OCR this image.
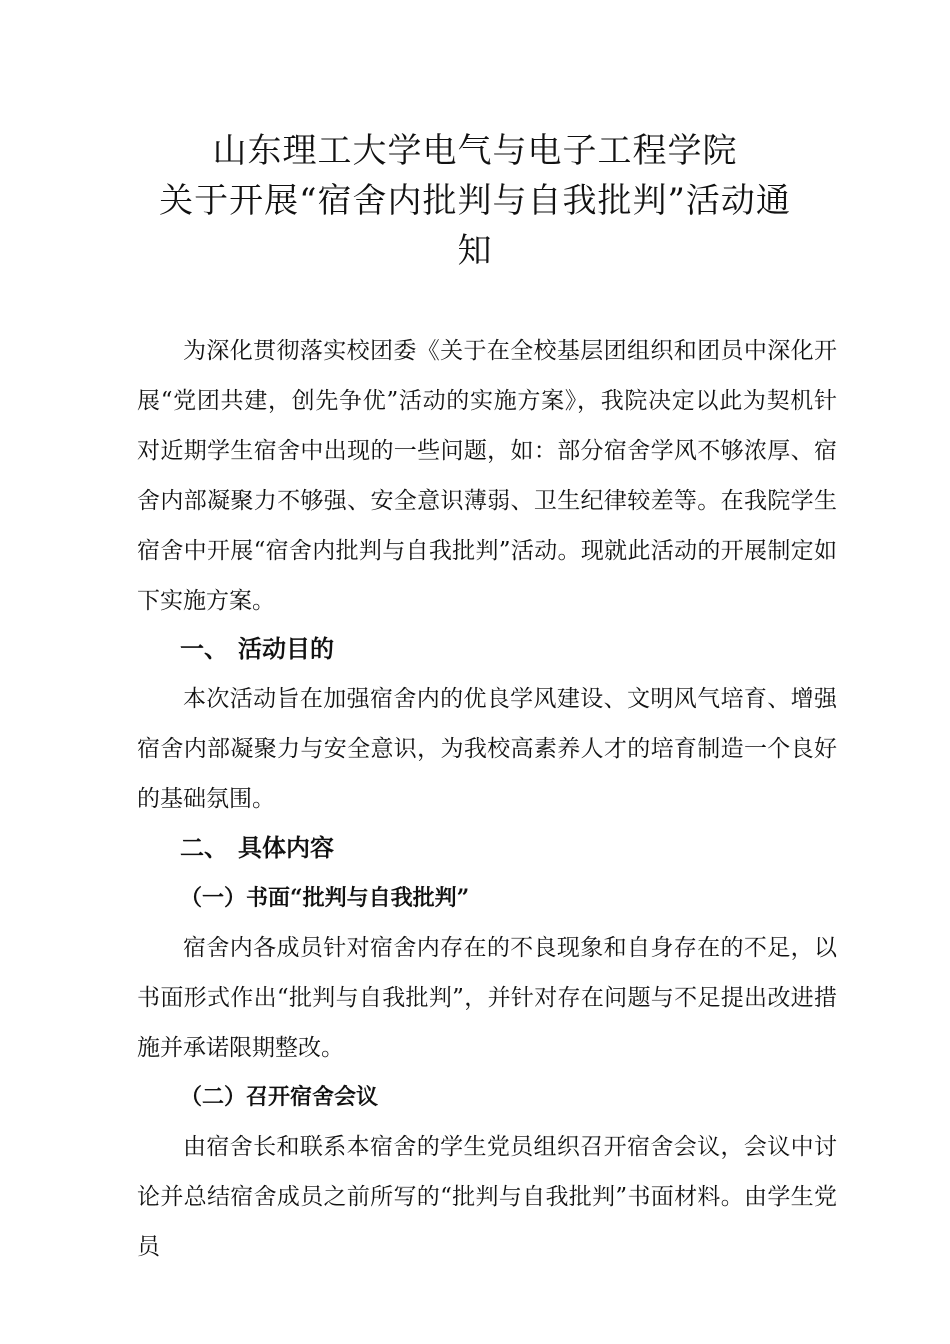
山东理工大学电气与电子工程学院
关于开展“宿舍内批判与自我批判”活动通
知

为深化贯彻落实校团委《关于在全校基层团组织和团员中深化开展“党团共建，创先争优”活动的实施方案》，我院决定以此为契机针对近期学生宿舍中出现的一些问题，如：部分宿舍学风不够浓厚、宿舍内部凝聚力不够强、安全意识薄弱、卫生纪律较差等。在我院学生宿舍中开展“宿舍内批判与自我批判”活动。现就此活动的开展制定如下实施方案。

一、 活动目的

本次活动旨在加强宿舍内的优良学风建设、文明风气培育、增强宿舍内部凝聚力与安全意识，为我校高素养人才的培育制造一个良好的基础氛围。

二、 具体内容
（一）书面“批判与自我批判”

宿舍内各成员针对宿舍内存在的不良现象和自身存在的不足，以书面形式作出“批判与自我批判”，并针对存在问题与不足提出改进措施并承诺限期整改。

（二）召开宿舍会议

由宿舍长和联系本宿舍的学生党员组织召开宿舍会议，会议中讨论并总结宿舍成员之前所写的“批判与自我批判”书面材料。由学生党员
